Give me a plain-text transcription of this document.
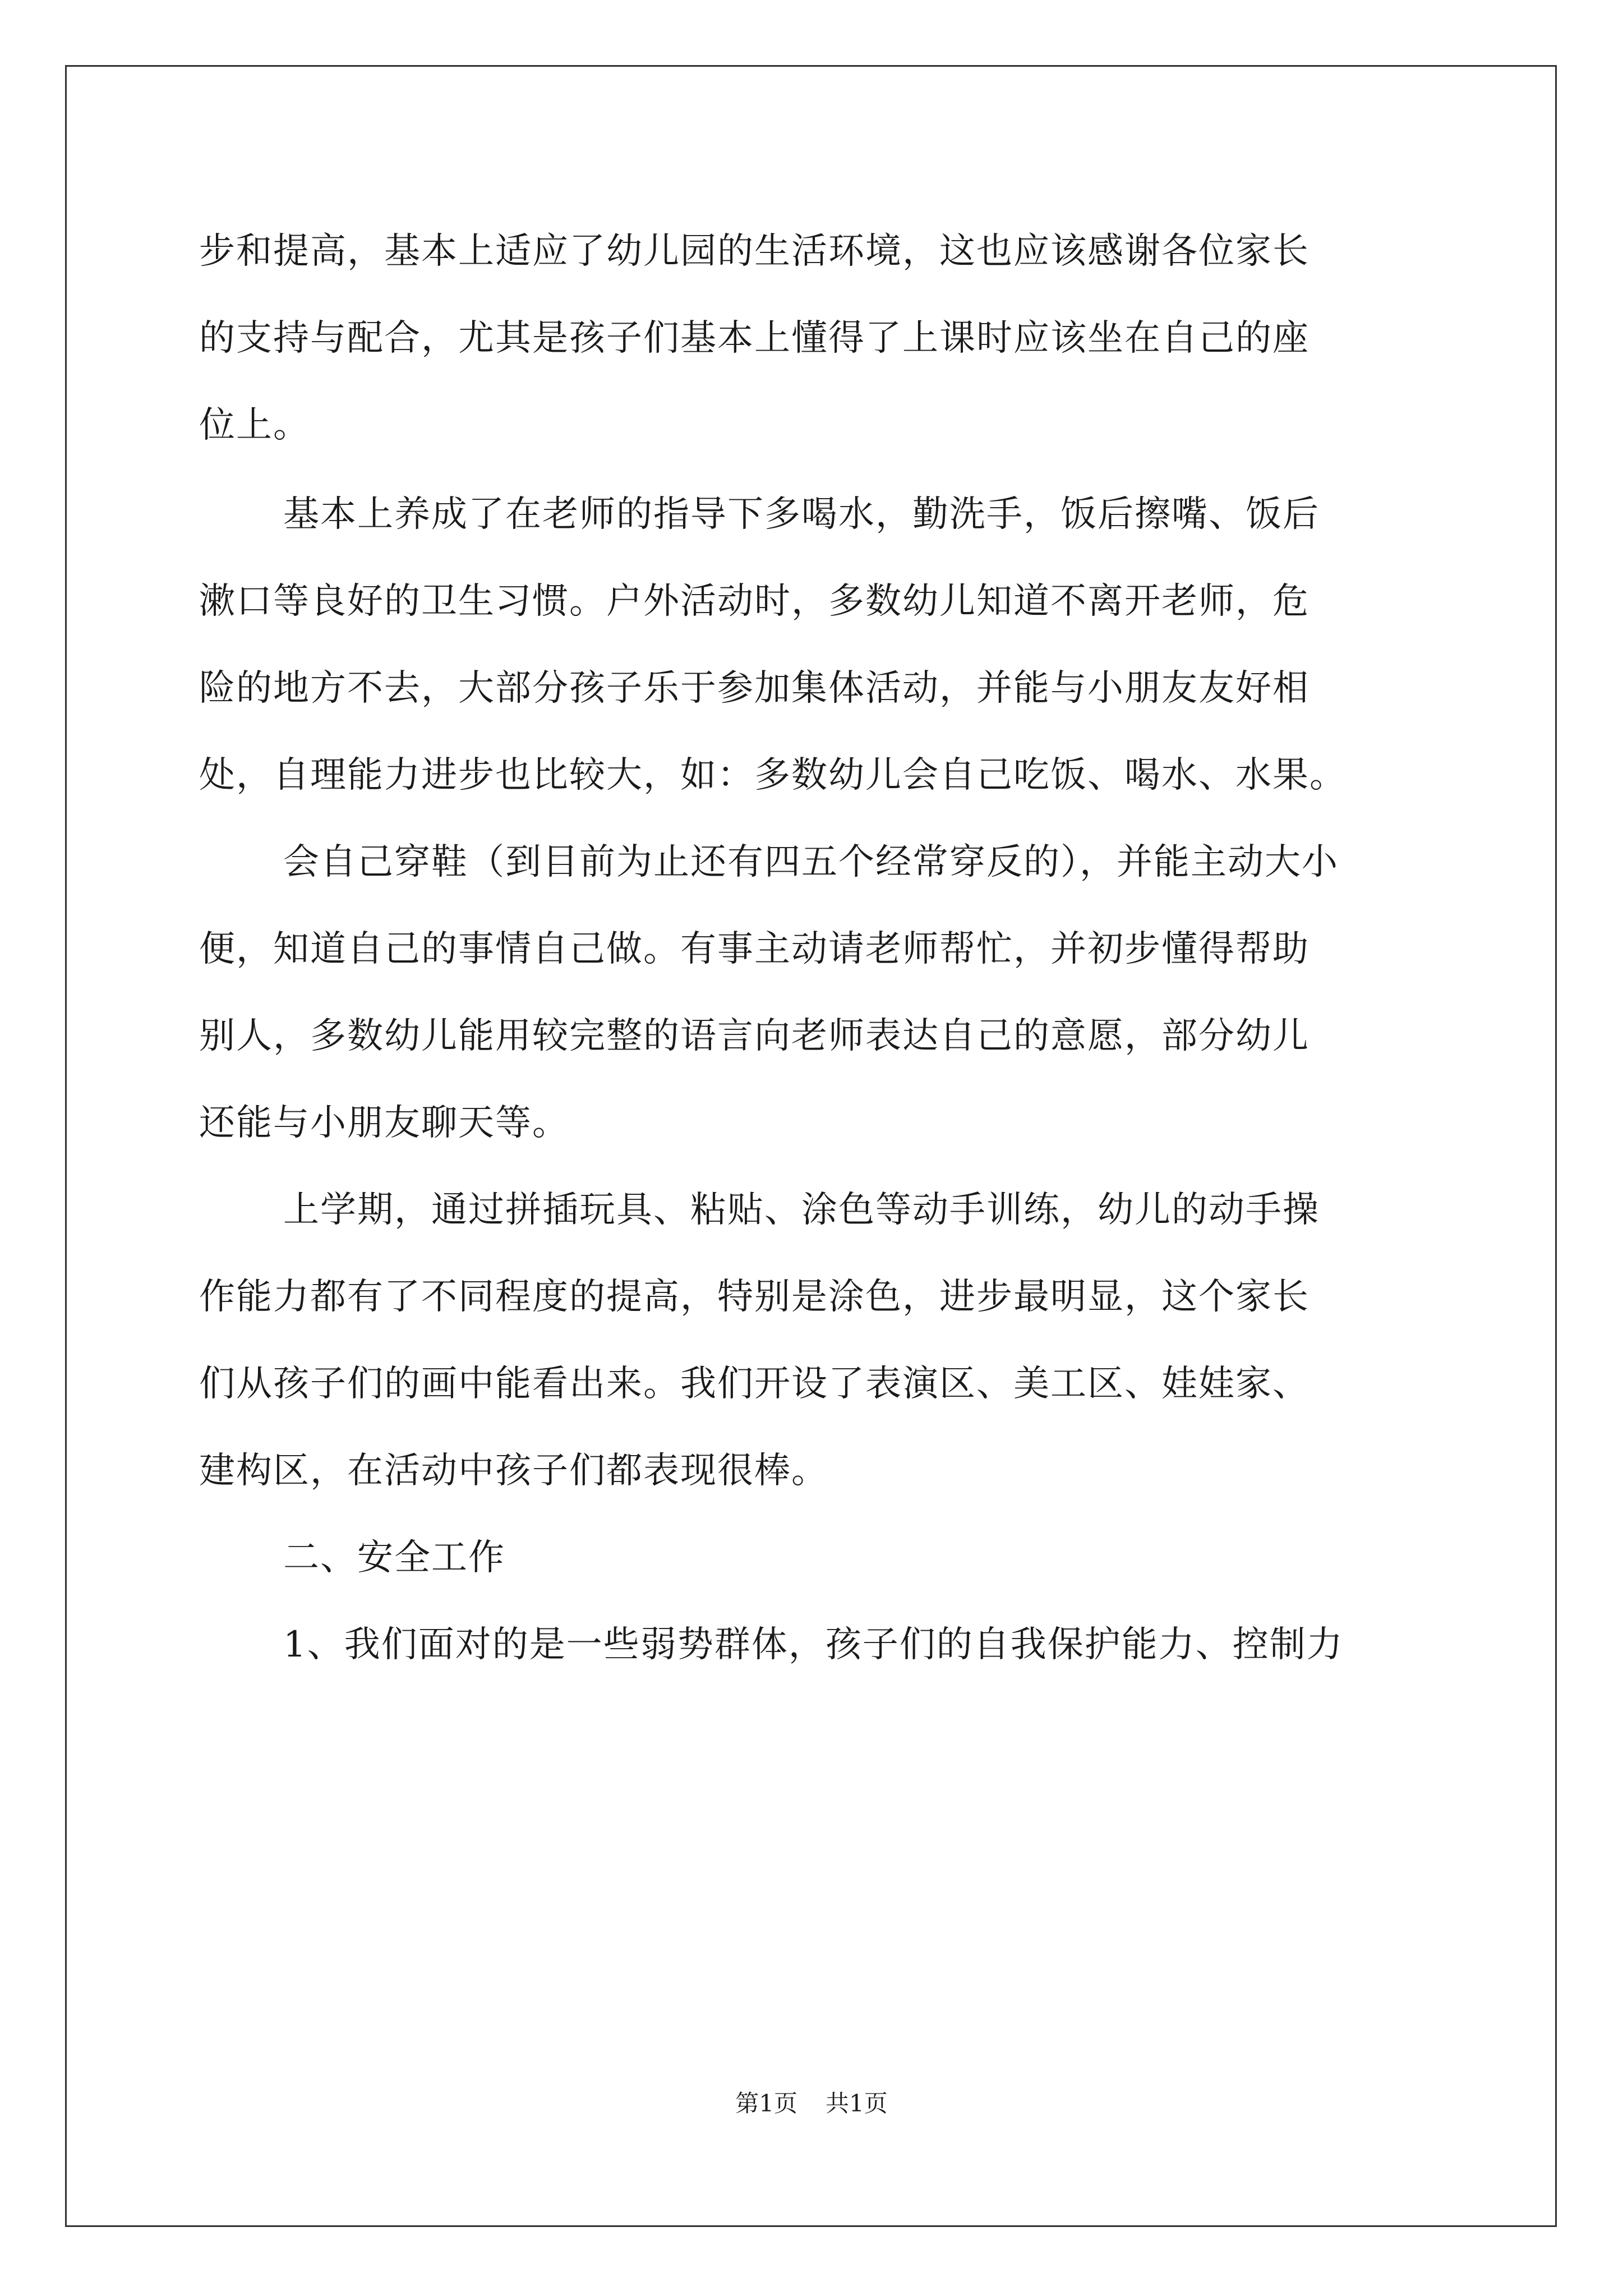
步和提高，基本上适应了幼儿园的生活环境，这也应该感谢各位家长
的支持与配合，尤其是孩子们基本上懂得了上课时应该坐在自己的座
位上。
基本上养成了在老师的指导下多喝水，勤洗手，饭后擦嘴、饭后
漱口等良好的卫生习惯。户外活动时，多数幼儿知道不离开老师，危
险的地方不去，大部分孩子乐于参加集体活动，并能与小朋友友好相
处，自理能力进步也比较大，如：多数幼儿会自己吃饭、喝水、水果。
会自己穿鞋（到目前为止还有四五个经常穿反的），并能主动大小
便，知道自己的事情自己做。有事主动请老师帮忙，并初步懂得帮助
别人，多数幼儿能用较完整的语言向老师表达自己的意愿，部分幼儿
还能与小朋友聊天等。
上学期，通过拼插玩具、粘贴、涂色等动手训练，幼儿的动手操
作能力都有了不同程度的提高，特别是涂色，进步最明显，这个家长
们从孩子们的画中能看出来。我们开设了表演区、美工区、娃娃家、
建构区，在活动中孩子们都表现很棒。
二、安全工作
1、我们面对的是一些弱势群体，孩子们的自我保护能力、控制力
第1页 共1页
